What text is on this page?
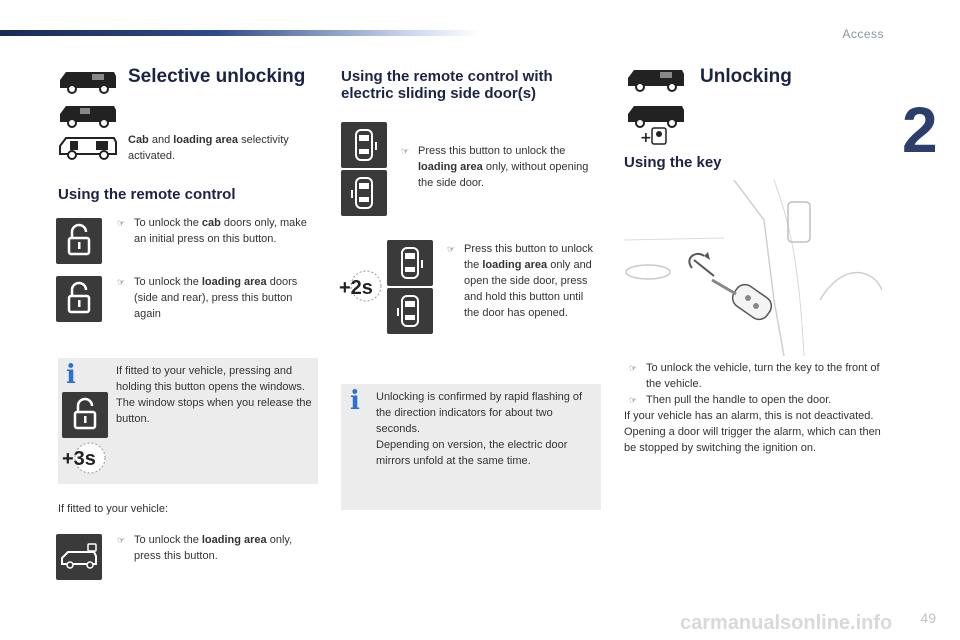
Access
2
Selective unlocking
Cab and loading area selectivity activated.
Using the remote control
☞ To unlock the cab doors only, make an initial press on this button.
☞ To unlock the loading area doors (side and rear), press this button again
i	If fitted to your vehicle, pressing and holding this button opens the windows. The window stops when you release the button.
+3s
If fitted to your vehicle:
☞ To unlock the loading area only, press this button.
Using the remote control with
electric sliding side door(s)
☞ Press this button to unlock the loading area only, without opening the side door.
+2s
☞ Press this button to unlock the loading area only and open the side door, press and hold this button until the door has opened.
i Unlocking is confirmed by rapid flashing of the direction indicators for about two seconds.
Depending on version, the electric door mirrors unfold at the same time.
+
Unlocking
Using the key
☞ To unlock the vehicle, turn the key to the front of the vehicle.
☞ Then pull the handle to open the door.
If your vehicle has an alarm, this is not deactivated. Opening a door will trigger the alarm, which can then be stopped by switching the ignition on.
carmanualsonline.info 49
